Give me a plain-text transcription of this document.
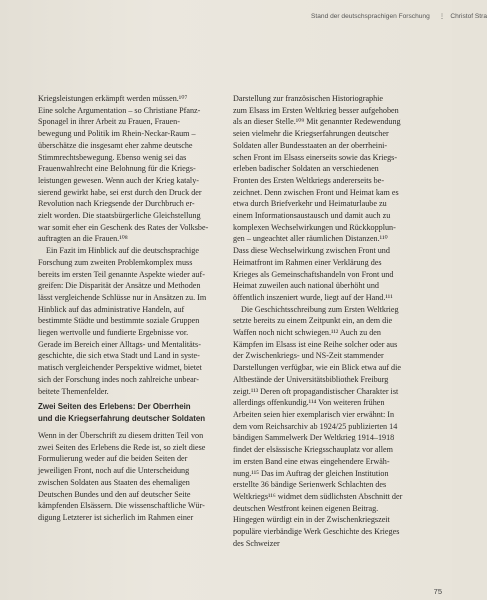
Stand der deutschsprachigen Forschung ⋮ Christof Stra
Kriegsleistungen erkämpft werden müssen.¹⁰⁷
Eine solche Argumentation – so Christiane Pfanz-
Sponagel in ihrer Arbeit zu Frauen, Frauen-
bewegung und Politik im Rhein-Neckar-Raum –
überschätze die insgesamt eher zahme deutsche
Stimmrechtsbewegung. Ebenso wenig sei das
Frauenwahlrecht eine Belohnung für die Kriegs-
leistungen gewesen. Wenn auch der Krieg kataly-
sierend gewirkt habe, sei erst durch den Druck der
Revolution nach Kriegsende der Durchbruch er-
zielt worden. Die staatsbürgerliche Gleichstellung
war somit eher ein Geschenk des Rates der Volksbe-
auftragten an die Frauen.¹⁰⁸
Ein Fazit im Hinblick auf die deutschsprachige
Forschung zum zweiten Problemkomplex muss
bereits im ersten Teil genannte Aspekte wieder auf-
greifen: Die Disparität der Ansätze und Methoden
lässt vergleichende Schlüsse nur in Ansätzen zu. Im
Hinblick auf das administrative Handeln, auf
bestimmte Städte und bestimmte soziale Gruppen
liegen wertvolle und fundierte Ergebnisse vor.
Gerade im Bereich einer Alltags- und Mentalitäts-
geschichte, die sich etwa Stadt und Land in syste-
matisch vergleichender Perspektive widmet, bietet
sich der Forschung indes noch zahlreiche unbear-
beitete Themenfelder.
Zwei Seiten des Erlebens: Der Oberrhein
und die Kriegserfahrung deutscher Soldaten
Wenn in der Überschrift zu diesem dritten Teil von
zwei Seiten des Erlebens die Rede ist, so zielt diese
Formulierung weder auf die beiden Seiten der
jeweiligen Front, noch auf die Unterscheidung
zwischen Soldaten aus Staaten des ehemaligen
Deutschen Bundes und den auf deutscher Seite
kämpfenden Elsässern. Die wissenschaftliche Wür-
digung Letzterer ist sicherlich im Rahmen einer
Darstellung zur französischen Historiographie
zum Elsass im Ersten Weltkrieg besser aufgehoben
als an dieser Stelle.¹⁰⁹ Mit genannter Redewendung
seien vielmehr die Kriegserfahrungen deutscher
Soldaten aller Bundesstaaten an der oberrheini-
schen Front im Elsass einerseits sowie das Kriegs-
erleben badischer Soldaten an verschiedenen
Fronten des Ersten Weltkriegs andererseits be-
zeichnet. Denn zwischen Front und Heimat kam es
etwa durch Briefverkehr und Heimaturlaube zu
einem Informationsaustausch und damit auch zu
komplexen Wechselwirkungen und Rückkopplun-
gen – ungeachtet aller räumlichen Distanzen.¹¹⁰
Dass diese Wechselwirkung zwischen Front und
Heimatfront im Rahmen einer Verklärung des
Krieges als Gemeinschaftshandeln von Front und
Heimat zuweilen auch national überhöht und
öffentlich inszeniert wurde, liegt auf der Hand.¹¹¹
Die Geschichtsschreibung zum Ersten Weltkrieg
setzte bereits zu einem Zeitpunkt ein, an dem die
Waffen noch nicht schwiegen.¹¹² Auch zu den
Kämpfen im Elsass ist eine Reihe solcher oder aus
der Zwischenkriegs- und NS-Zeit stammender
Darstellungen verfügbar, wie ein Blick etwa auf die
Altbestände der Universitätsbibliothek Freiburg
zeigt.¹¹³ Deren oft propagandistischer Charakter ist
allerdings offenkundig.¹¹⁴ Von weiteren frühen
Arbeiten seien hier exemplarisch vier erwähnt: In
dem vom Reichsarchiv ab 1924/25 publizierten 14
bändigen Sammelwerk Der Weltkrieg 1914–1918
findet der elsässische Kriegsschauplatz vor allem
im ersten Band eine etwas eingehendere Erwäh-
nung.¹¹⁵ Das im Auftrag der gleichen Institution
erstellte 36 bändige Serienwerk Schlachten des
Weltkriegs¹¹⁶ widmet dem südlichsten Abschnitt der
deutschen Westfront keinen eigenen Beitrag.
Hingegen würdigt ein in der Zwischenkriegszeit
populäre vierbändige Werk Geschichte des Krieges
des Schweizer
75
